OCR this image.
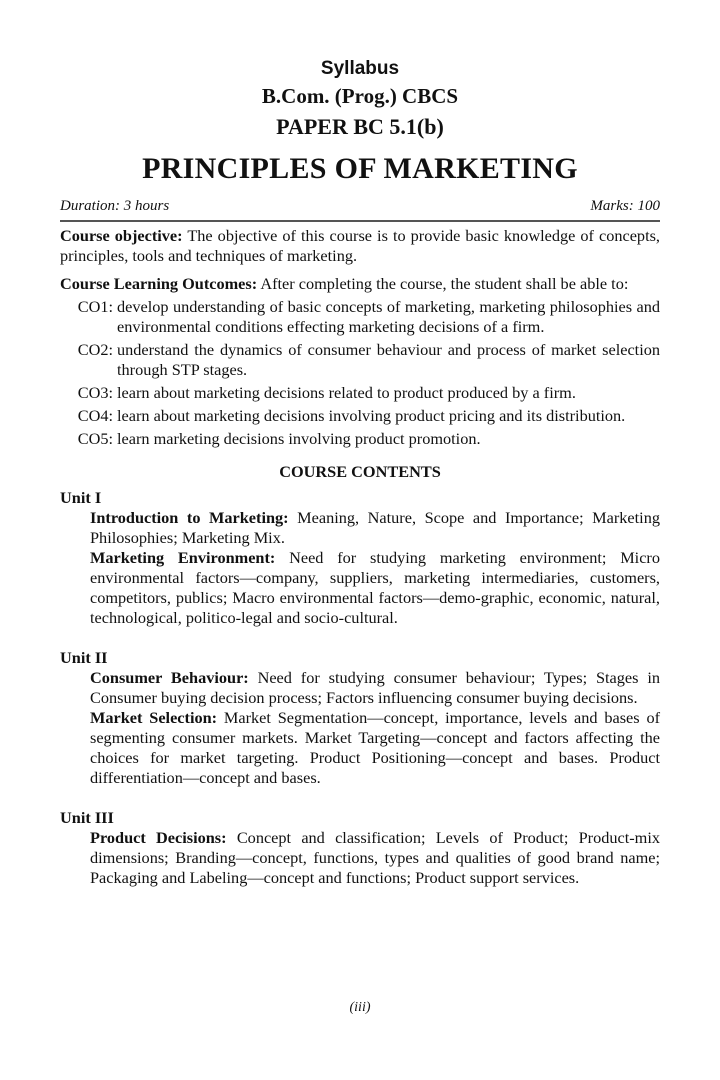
Syllabus
B.Com. (Prog.) CBCS
PAPER BC 5.1(b)
PRINCIPLES OF MARKETING
Duration: 3 hours	Marks: 100

Course objective: The objective of this course is to provide basic knowledge of concepts, principles, tools and techniques of marketing.

Course Learning Outcomes: After completing the course, the student shall be able to:

CO1: develop understanding of basic concepts of marketing, marketing philosophies and environmental conditions effecting marketing decisions of a firm.
CO2: understand the dynamics of consumer behaviour and process of market selection through STP stages.
CO3: learn about marketing decisions related to product produced by a firm.
CO4: learn about marketing decisions involving product pricing and its distribution.
CO5: learn marketing decisions involving product promotion.
COURSE CONTENTS

Unit I

Introduction to Marketing: Meaning, Nature, Scope and Importance; Marketing Philosophies; Marketing Mix.

Marketing Environment: Need for studying marketing environment; Micro environmental factors—company, suppliers, marketing intermediaries, customers, competitors, publics; Macro environmental factors—demo-graphic, economic, natural, technological, politico-legal and socio-cultural.

Unit II

Consumer Behaviour: Need for studying consumer behaviour; Types; Stages in Consumer buying decision process; Factors influencing consumer buying decisions.

Market Selection: Market Segmentation—concept, importance, levels and bases of segmenting consumer markets. Market Targeting—concept and factors affecting the choices for market targeting. Product Positioning—concept and bases. Product differentiation—concept and bases.

Unit III

Product Decisions: Concept and classification; Levels of Product; Product-mix dimensions; Branding—concept, functions, types and qualities of good brand name; Packaging and Labeling—concept and functions; Product support services.

(iii)
